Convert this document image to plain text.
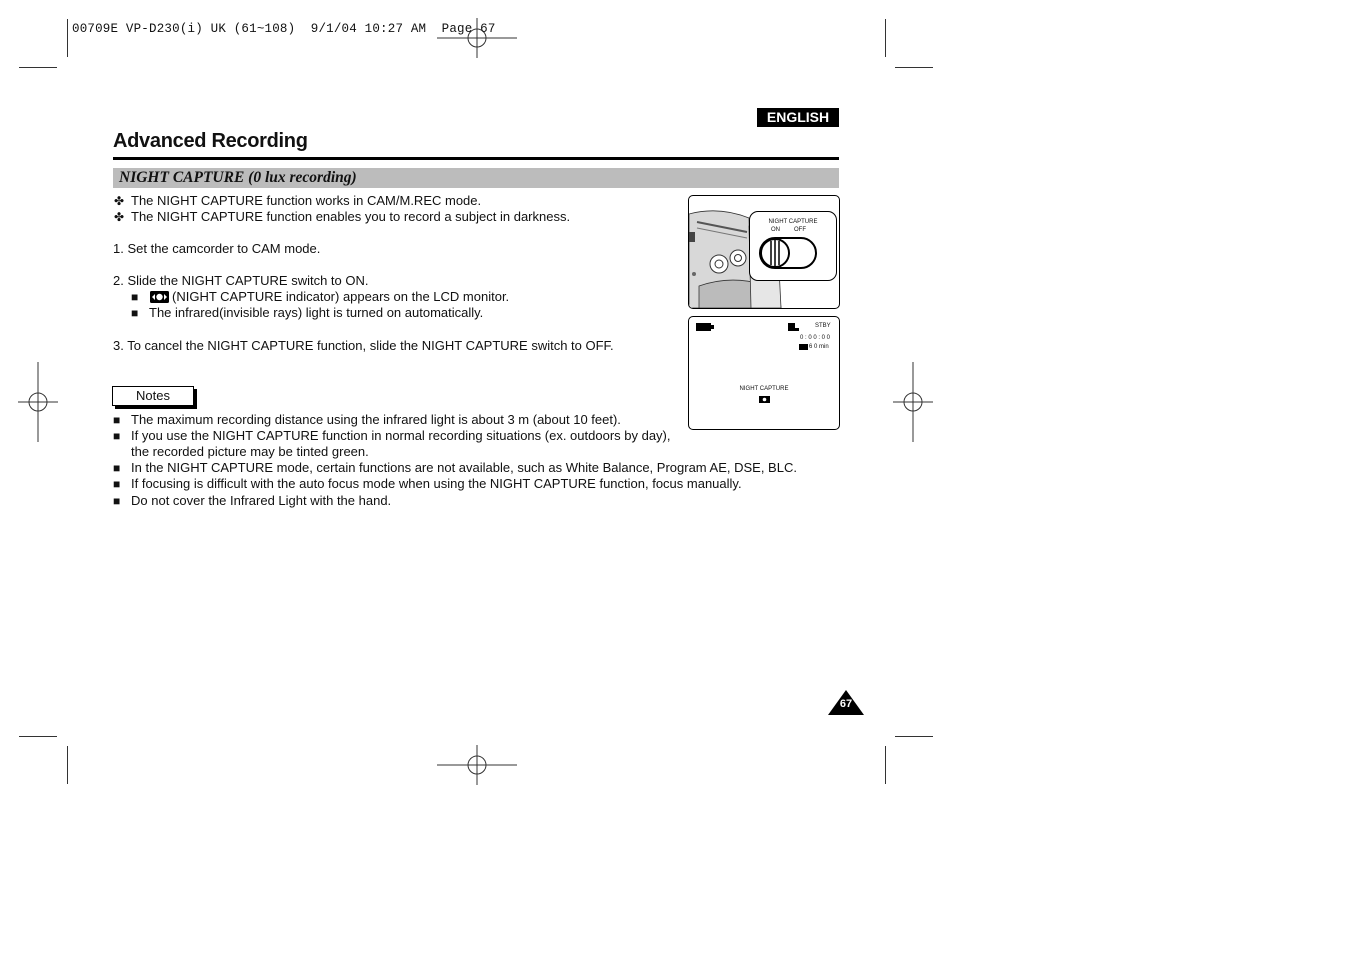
00709E VP-D230(i) UK (61~108)  9/1/04 10:27 AM  Page 67
ENGLISH
Advanced Recording
NIGHT CAPTURE (0 lux recording)
✤ The NIGHT CAPTURE function works in CAM/M.REC mode.
✤ The NIGHT CAPTURE function enables you to record a subject in darkness.
1. Set the camcorder to CAM mode.
2. Slide the NIGHT CAPTURE switch to ON.
■	(NIGHT CAPTURE indicator) appears on the LCD monitor.
■ The infrared(invisible rays) light is turned on automatically.
3. To cancel the NIGHT CAPTURE function, slide the NIGHT CAPTURE switch to OFF.
Notes
■ The maximum recording distance using the infrared light is about 3 m (about 10 feet).
■ If you use the NIGHT CAPTURE function in normal recording situations (ex. outdoors by day),
the recorded picture may be tinted green.
■ In the NIGHT CAPTURE mode, certain functions are not available, such as White Balance, Program AE, DSE, BLC.
■ If focusing is difficult with the auto focus mode when using the NIGHT CAPTURE function, focus manually.
■ Do not cover the Infrared Light with the hand.
NIGHT CAPTURE
ON OFF
STBY
0 : 0 0 : 0 0
6 0 min
NIGHT CAPTURE
67
